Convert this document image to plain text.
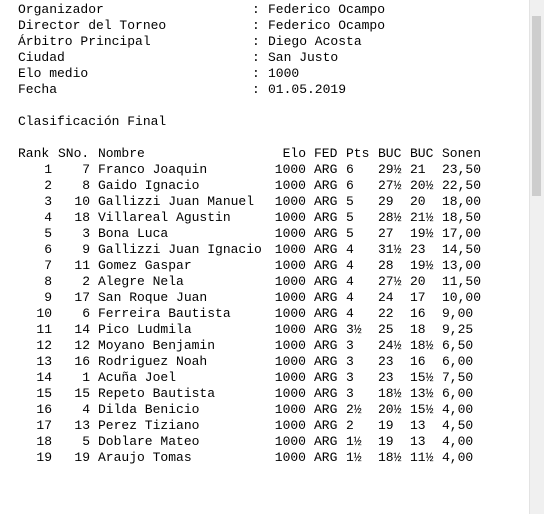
Organizador	: Federico Ocampo
Director del Torneo	: Federico Ocampo
Árbitro Principal	: Diego Acosta
Ciudad	: San Justo
Elo medio	: 1000
Fecha	: 01.05.2019
Clasificación Final
Rank SNo. Nombre	Elo FED Pts BUC BUC Sonen
1	7 Franco Joaquin	1000 ARG 6 29½ 21 23,50
2	8 Gaido Ignacio	1000 ARG 6 27½ 20½ 22,50
3	10 Gallizzi Juan Manuel 1000 ARG 5 29 20 18,00
4	18 Villareal Agustin	1000 ARG 5 28½ 21½ 18,50
5	3 Bona Luca	1000 ARG 5 27 19½ 17,00
6	9 Gallizzi Juan Ignacio 1000 ARG 4 31½ 23 14,50
7	11 Gomez Gaspar	1000 ARG 4 28 19½ 13,00
8	2 Alegre Nela	1000 ARG 4 27½ 20 11,50
9	17 San Roque Juan	1000 ARG 4 24 17 10,00
10	6 Ferreira Bautista	1000 ARG 4 22 16 9,00
11	14 Pico Ludmila	1000 ARG 3½ 25 18 9,25
12	12 Moyano Benjamin	1000 ARG 3 24½ 18½ 6,50
13	16 Rodriguez Noah	1000 ARG 3 23 16 6,00
14	1 Acuña Joel	1000 ARG 3 23 15½ 7,50
15	15 Repeto Bautista	1000 ARG 3 18½ 13½ 6,00
16	4 Dilda Benicio	1000 ARG 2½ 20½ 15½ 4,00
17	13 Perez Tiziano	1000 ARG 2 19 13 4,50
18	5 Doblare Mateo	1000 ARG 1½ 19 13 4,00
19	19 Araujo Tomas	1000 ARG 1½ 18½ 11½ 4,00
